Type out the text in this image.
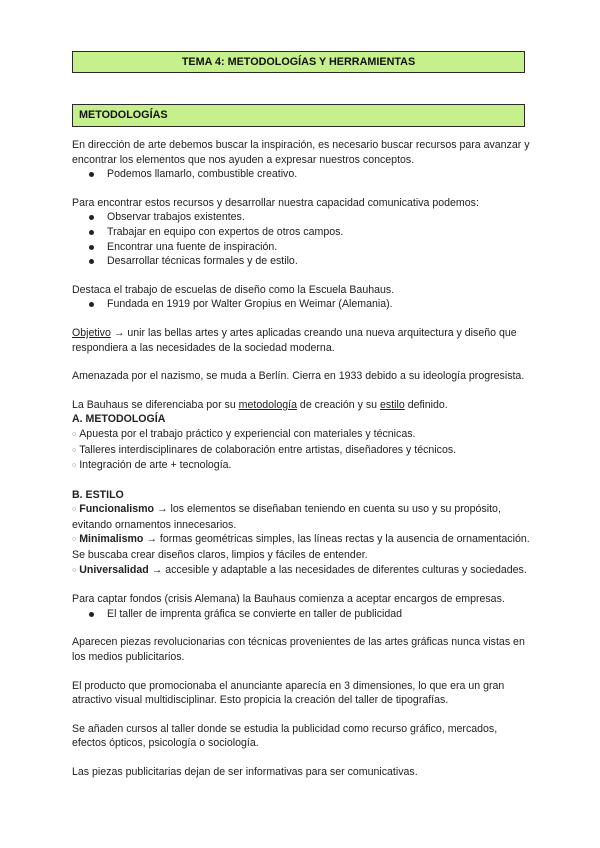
TEMA 4: METODOLOGÍAS Y HERRAMIENTAS
METODOLOGÍAS

En dirección de arte debemos buscar la inspiración, es necesario buscar recursos para avanzar y encontrar los elementos que nos ayuden a expresar nuestros conceptos.

Podemos llamarlo, combustible creativo.

Para encontrar estos recursos y desarrollar nuestra capacidad comunicativa podemos:

Observar trabajos existentes.
Trabajar en equipo con expertos de otros campos.
Encontrar una fuente de inspiración.
Desarrollar técnicas formales y de estilo.

Destaca el trabajo de escuelas de diseño como la Escuela Bauhaus.

Fundada en 1919 por Walter Gropius en Weimar (Alemania).

Objetivo → unir las bellas artes y artes aplicadas creando una nueva arquitectura y diseño que respondiera a las necesidades de la sociedad moderna.

Amenazada por el nazismo, se muda a Berlín. Cierra en 1933 debido a su ideología progresista.

La Bauhaus se diferenciaba por su metodología de creación y su estilo definido.

A. METODOLOGÍA

○ Apuesta por el trabajo práctico y experiencial con materiales y técnicas.

○ Talleres interdisciplinares de colaboración entre artistas, diseñadores y técnicos.

○ Integración de arte + tecnología.

B. ESTILO

○ Funcionalismo → los elementos se diseñaban teniendo en cuenta su uso y su propósito, evitando ornamentos innecesarios.

○ Minimalismo → formas geométricas simples, las líneas rectas y la ausencia de ornamentación. Se buscaba crear diseños claros, limpios y fáciles de entender.

○ Universalidad → accesible y adaptable a las necesidades de diferentes culturas y sociedades.

Para captar fondos (crisis Alemana) la Bauhaus comienza a aceptar encargos de empresas.

El taller de imprenta gráfica se convierte en taller de publicidad

Aparecen piezas revolucionarias con técnicas provenientes de las artes gráficas nunca vistas en los medios publicitarios.

El producto que promocionaba el anunciante aparecía en 3 dimensiones, lo que era un gran atractivo visual multidisciplinar. Esto propicia la creación del taller de tipografías.

Se añaden cursos al taller donde se estudia la publicidad como recurso gráfico, mercados, efectos ópticos, psicología o sociología.

Las piezas publicitarias dejan de ser informativas para ser comunicativas.
